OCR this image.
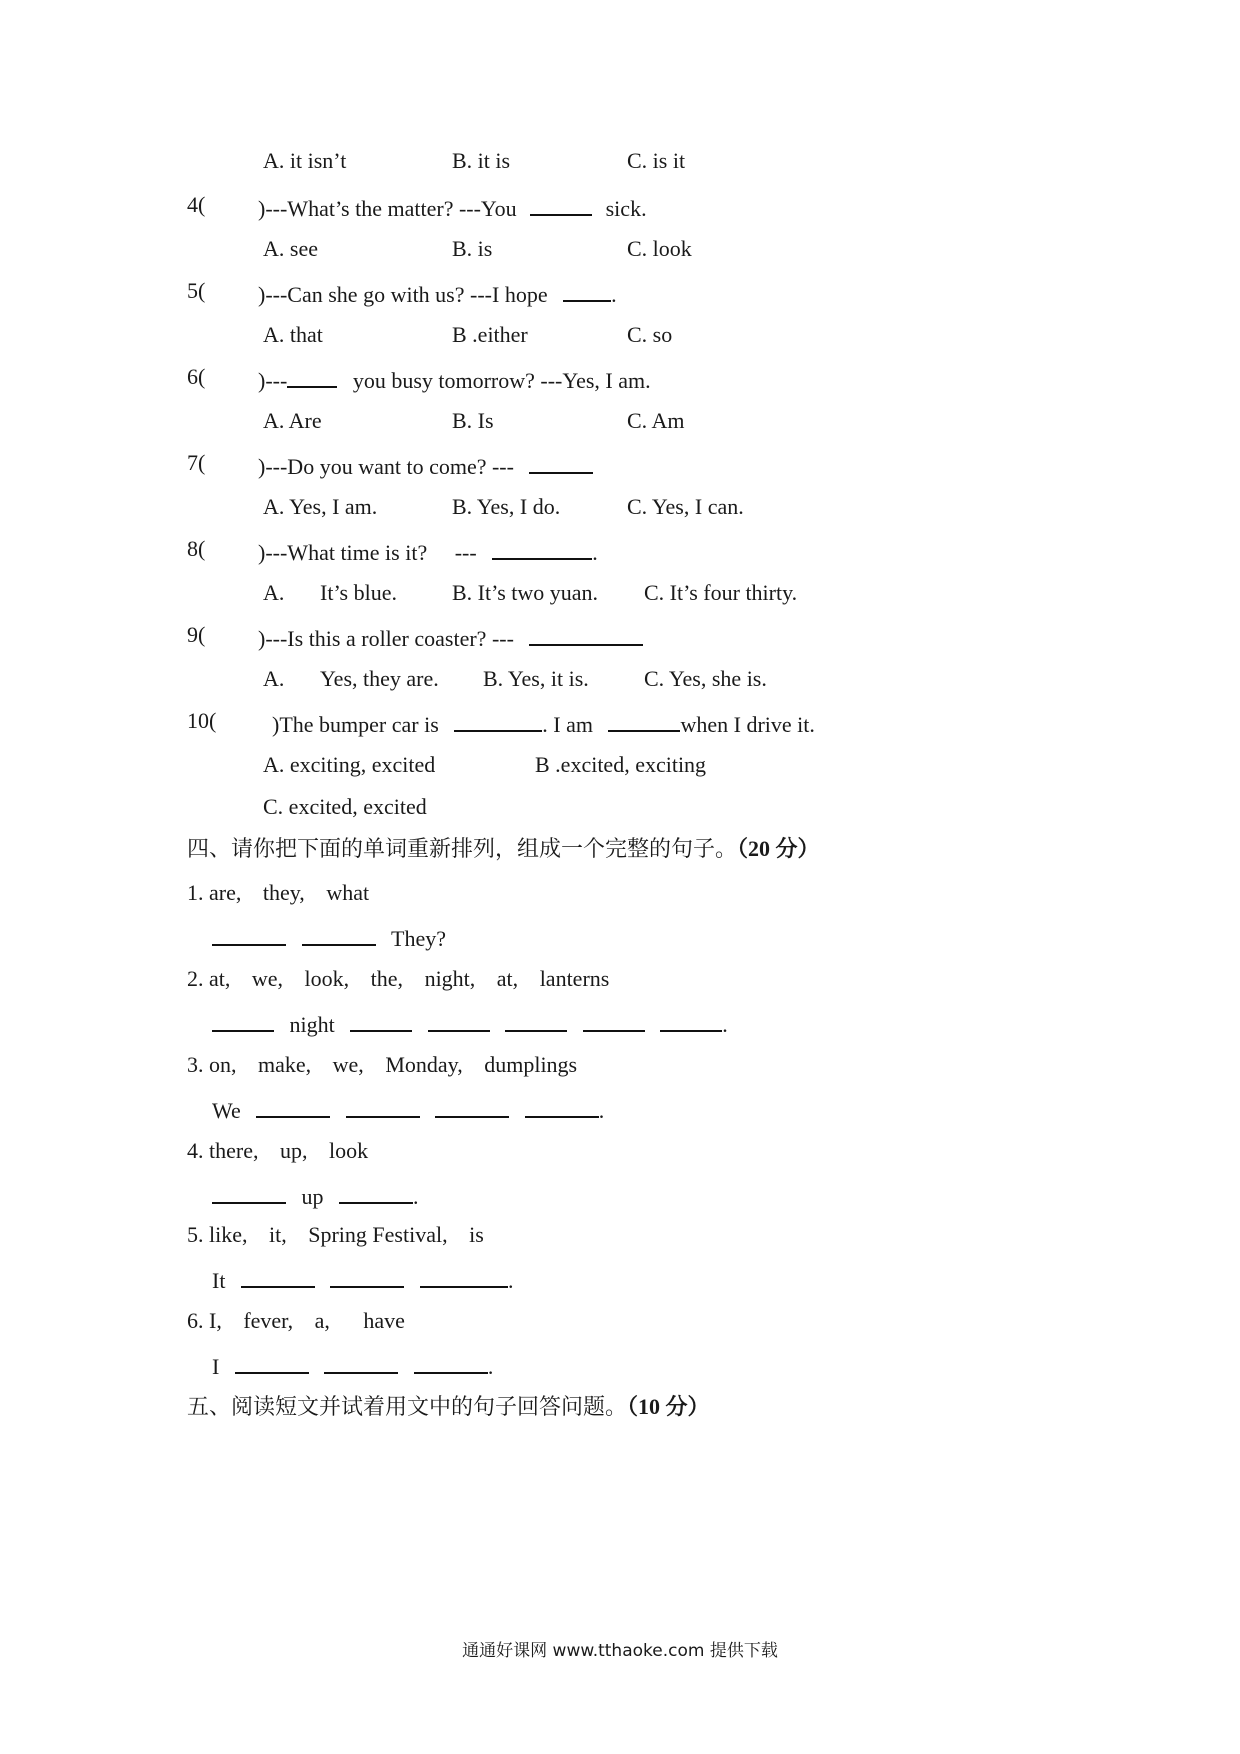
A. it isn’t	B. it is	C. is it
4( )---What’s the matter? ---You	sick.
A. see	B. is	C. look
5( )---Can she go with us? ---I hope	.
A. that	B .either	C. so
6( )---	you busy tomorrow? ---Yes, I am.
A. Are	B. Is	C. Am
7( )---Do you want to come? ---
A. Yes, I am.	B. Yes, I do.	C. Yes, I can.
8( )---What time is it? ---	.
A. It’s blue.	B. It’s two yuan. C. It’s four thirty.
9( )---Is this a roller coaster? ---
A. Yes, they are. B. Yes, it is.	C. Yes, she is.
10(	)The bumper car is	. I am	when I drive it.
A. exciting, excited	B .excited, exciting
C. excited, excited
四、请你把下面的单词重新排列，组成一个完整的句子。（20 分）
1. are, they, what
They?
2. at, we, look, the, night, at, lanterns
night	.
3. on, make, we, Monday, dumplings
We	.
4. there, up, look
up	.
5. like, it, Spring Festival, is
It	.
6. I, fever, a, have
I	.
五、阅读短文并试着用文中的句子回答问题。（10 分）
通通好课网 www.tthaoke.com 提供下载
